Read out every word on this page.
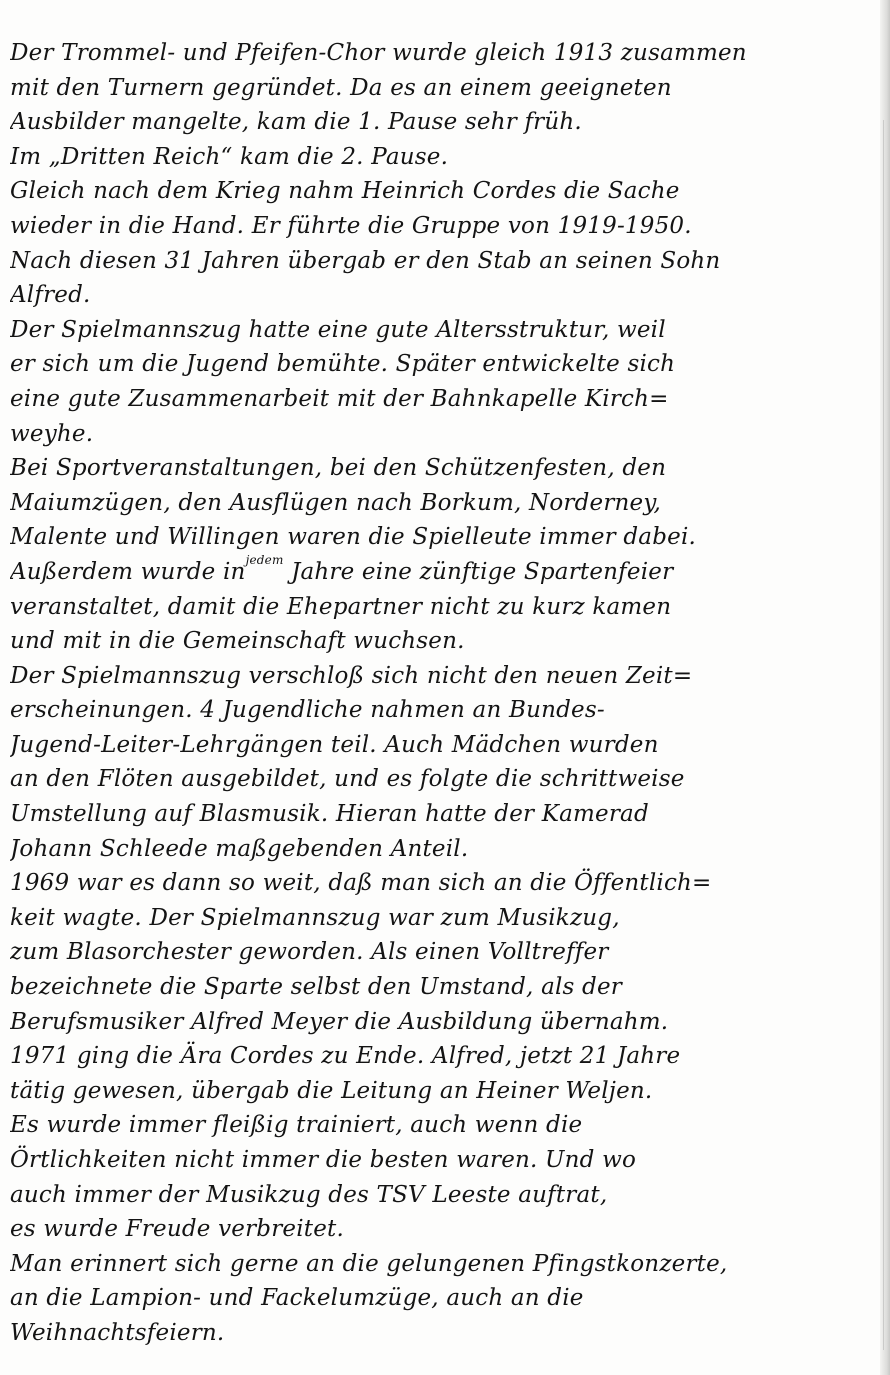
Der Trommel- und Pfeifen-Chor wurde gleich 1913 zusammen
mit den Turnern gegründet. Da es an einem geeigneten
Ausbilder mangelte, kam die 1. Pause sehr früh.
Im „Dritten Reich“ kam die 2. Pause.
Gleich nach dem Krieg nahm Heinrich Cordes die Sache
wieder in die Hand. Er führte die Gruppe von 1919-1950.
Nach diesen 31 Jahren übergab er den Stab an seinen Sohn
Alfred.
Der Spielmannszug hatte eine gute Altersstruktur, weil
er sich um die Jugend bemühte. Später entwickelte sich
eine gute Zusammenarbeit mit der Bahnkapelle Kirch=
weyhe.
Bei Sportveranstaltungen, bei den Schützenfesten, den
Maiumzügen, den Ausflügen nach Borkum, Norderney,
Malente und Willingen waren die Spielleute immer dabei.
Außerdem wurde $in^{jedem}$ Jahre eine zünftige Spartenfeier
veranstaltet, damit die Ehepartner nicht zu kurz kamen
und mit in die Gemeinschaft wuchsen.
Der Spielmannszug verschloß sich nicht den neuen Zeit=
erscheinungen. 4 Jugendliche nahmen an Bundes-
Jugend-Leiter-Lehrgängen teil. Auch Mädchen wurden
an den Flöten ausgebildet, und es folgte die schrittweise
Umstellung auf Blasmusik. Hieran hatte der Kamerad
Johann Schleede maßgebenden Anteil.
1969 war es dann so weit, daß man sich an die Öffentlich=
keit wagte. Der Spielmannszug war zum Musikzug,
zum Blasorchester geworden. Als einen Volltreffer
bezeichnete die Sparte selbst den Umstand, als der
Berufsmusiker Alfred Meyer die Ausbildung übernahm.
1971 ging die Ära Cordes zu Ende. Alfred, jetzt 21 Jahre
tätig gewesen, übergab die Leitung an Heiner Weljen.
Es wurde immer fleißig trainiert, auch wenn die
Örtlichkeiten nicht immer die besten waren. Und wo
auch immer der Musikzug des TSV Leeste auftrat,
es wurde Freude verbreitet.
Man erinnert sich gerne an die gelungenen Pfingstkonzerte,
an die Lampion- und Fackelumzüge, auch an die
Weihnachtsfeiern.
